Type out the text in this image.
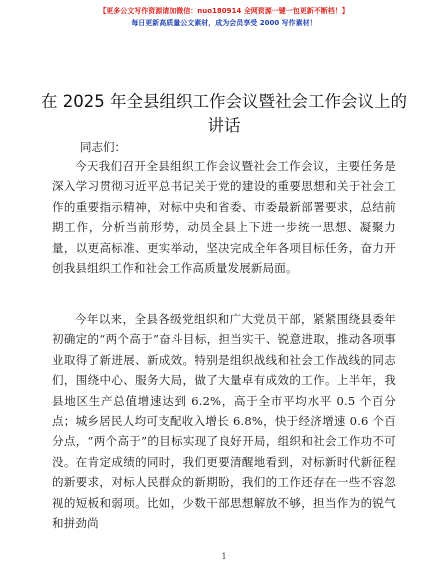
【更多公文写作资源请加微信：nuo180914 全网资源一键一包更新不断档！】
每日更新高质量公文素材，成为会员享受 2000 写作素材！
在 2025 年全县组织工作会议暨社会工作会议上的讲话
同志们：

今天我们召开全县组织工作会议暨社会工作会议，主要任务是深入学习贯彻习近平总书记关于党的建设的重要思想和关于社会工作的重要指示精神，对标中央和省委、市委最新部署要求，总结前期工作，分析当前形势，动员全县上下进一步统一思想、凝聚力量，以更高标准、更实举动，坚决完成全年各项目标任务，奋力开创我县组织工作和社会工作高质量发展新局面。

今年以来，全县各级党组织和广大党员干部，紧紧围绕县委年初确定的“两个高于”奋斗目标，担当实干、锐意进取，推动各项事业取得了新进展、新成效。特别是组织战线和社会工作战线的同志们，围绕中心、服务大局，做了大量卓有成效的工作。上半年，我县地区生产总值增速达到 6.2%，高于全市平均水平 0.5 个百分点；城乡居民人均可支配收入增长 6.8%，快于经济增速 0.6 个百分点，“两个高于”的目标实现了良好开局，组织和社会工作功不可没。在肯定成绩的同时，我们更要清醒地看到，对标新时代新征程的新要求，对标人民群众的新期盼，我们的工作还存在一些不容忽视的短板和弱项。比如，少数干部思想解放不够，担当作为的锐气和拼劲尚

1
